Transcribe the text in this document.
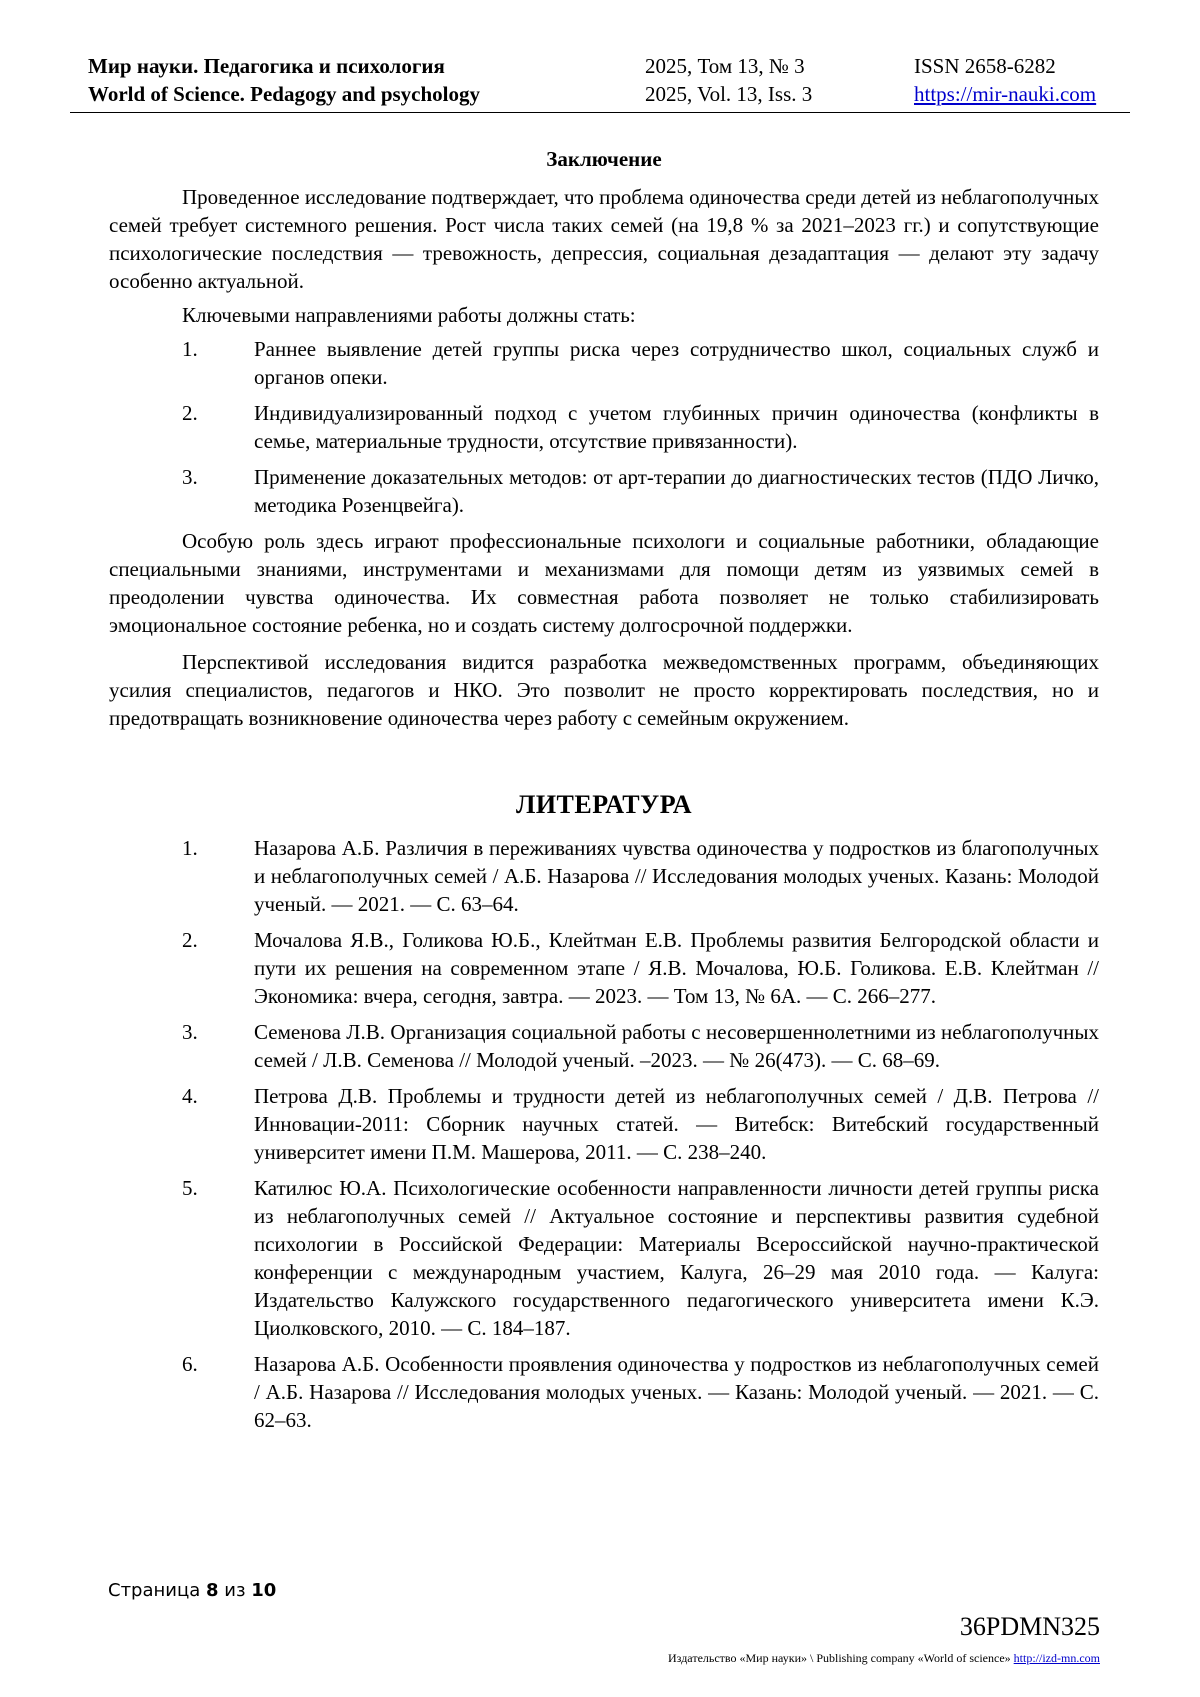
Мир науки. Педагогика и психология
World of Science. Pedagogy and psychology
2025, Том 13, № 3
2025, Vol. 13, Iss. 3
ISSN 2658-6282
https://mir-nauki.com
Заключение

Проведенное исследование подтверждает, что проблема одиночества среди детей из неблагополучных семей требует системного решения. Рост числа таких семей (на 19,8 % за 2021–2023 гг.) и сопутствующие психологические последствия — тревожность, депрессия, социальная дезадаптация — делают эту задачу особенно актуальной.

Ключевыми направлениями работы должны стать:

1.	Раннее выявление детей группы риска через сотрудничество школ, социальных служб и органов опеки.
2.	Индивидуализированный подход с учетом глубинных причин одиночества (конфликты в семье, материальные трудности, отсутствие привязанности).
3.	Применение доказательных методов: от арт-терапии до диагностических тестов (ПДО Личко, методика Розенцвейга).

Особую роль здесь играют профессиональные психологи и социальные работники, обладающие специальными знаниями, инструментами и механизмами для помощи детям из уязвимых семей в преодолении чувства одиночества. Их совместная работа позволяет не только стабилизировать эмоциональное состояние ребенка, но и создать систему долгосрочной поддержки.

Перспективой исследования видится разработка межведомственных программ, объединяющих усилия специалистов, педагогов и НКО. Это позволит не просто корректировать последствия, но и предотвращать возникновение одиночества через работу с семейным окружением.

ЛИТЕРАТУРА
1.	Назарова А.Б. Различия в переживаниях чувства одиночества у подростков из благополучных и неблагополучных семей / А.Б. Назарова // Исследования молодых ученых. Казань: Молодой ученый. — 2021. — С. 63–64.
2.	Мочалова Я.В., Голикова Ю.Б., Клейтман Е.В. Проблемы развития Белгородской области и пути их решения на современном этапе / Я.В. Мочалова, Ю.Б. Голикова. Е.В. Клейтман // Экономика: вчера, сегодня, завтра. — 2023. — Том 13, № 6А. — С. 266–277.
3.	Семенова Л.В. Организация социальной работы с несовершеннолетними из неблагополучных семей / Л.В. Семенова // Молодой ученый. –2023. — № 26(473). — С. 68–69.
4.	Петрова Д.В. Проблемы и трудности детей из неблагополучных семей / Д.В. Петрова // Инновации-2011: Сборник научных статей. — Витебск: Витебский государственный университет имени П.М. Машерова, 2011. — С. 238–240.
5.	Катилюс Ю.А. Психологические особенности направленности личности детей группы риска из неблагополучных семей // Актуальное состояние и перспективы развития судебной психологии в Российской Федерации: Материалы Всероссийской научно-практической конференции с международным участием, Калуга, 26–29 мая 2010 года. — Калуга: Издательство Калужского государственного педагогического университета имени К.Э. Циолковского, 2010. — С. 184–187.
6.	Назарова А.Б. Особенности проявления одиночества у подростков из неблагополучных семей / А.Б. Назарова // Исследования молодых ученых. — Казань: Молодой ученый. — 2021. — С. 62–63.
Страница 8 из 10
36PDMN325
Издательство «Мир науки» \ Publishing company «World of science» http://izd-mn.com
